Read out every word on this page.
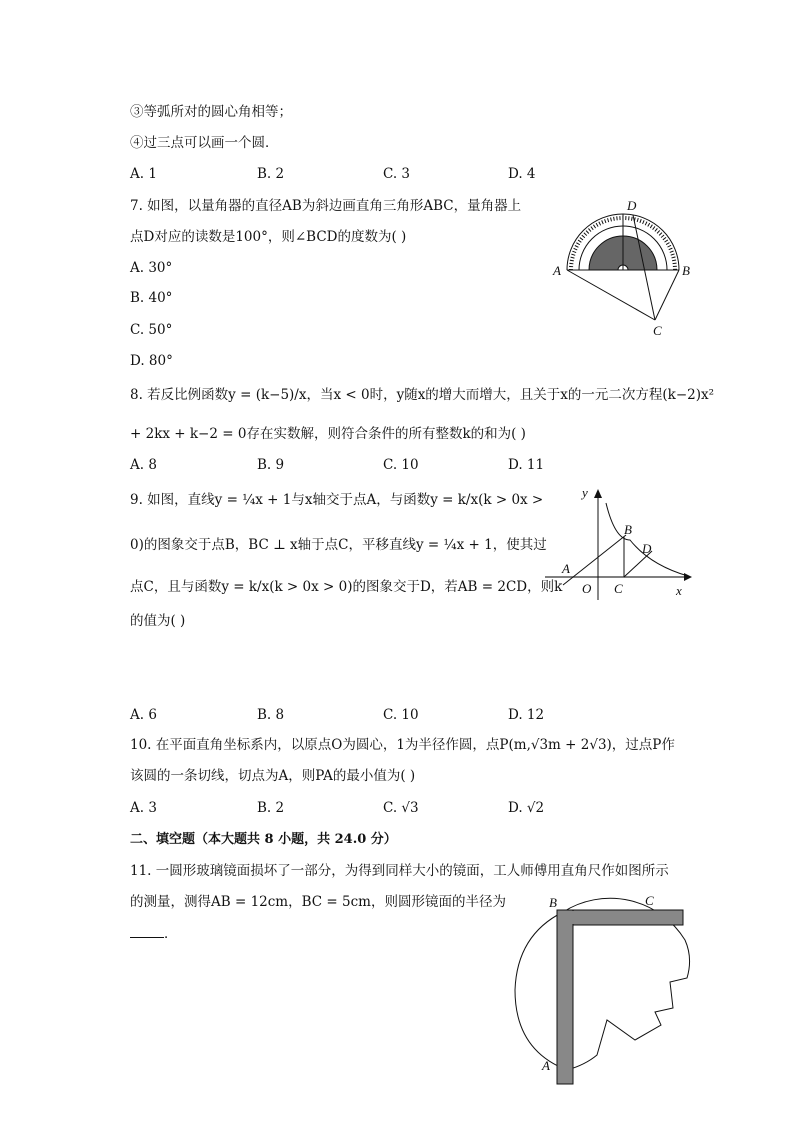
③等弧所对的圆心角相等；
④过三点可以画一个圆．
A. 1	B. 2	C. 3	D. 4
7. 如图，以量角器的直径AB为斜边画直角三角形ABC，量角器上
点D对应的读数是100°，则∠BCD的度数为( )
A. 30°
B. 40°
C. 50°
D. 80°
D
A	B
C
8. 若反比例函数y = (k−5)/x，当x < 0时，y随x的增大而增大，且关于x的一元二次方程(k−2)x²
+ 2kx + k−2 = 0存在实数解，则符合条件的所有整数k的和为( )
A. 8	B. 9	C. 10	D. 11
9. 如图，直线y = ¼x + 1与x轴交于点A，与函数y = k/x(k > 0x >
0)的图象交于点B，BC ⊥ x轴于点C，平移直线y = ¼x + 1，使其过
点C，且与函数y = k/x(k > 0x > 0)的图象交于D，若AB = 2CD，则k
的值为( )
A. 6	B. 8	C. 10	D. 12
y
B
D
A
O C	x
10. 在平面直角坐标系内，以原点O为圆心，1为半径作圆，点P(m,√3m + 2√3)，过点P作
该圆的一条切线，切点为A，则PA的最小值为( )
A. 3	B. 2	C. √3	D. √2
二、填空题（本大题共 8 小题，共 24.0 分）
11. 一圆形玻璃镜面损坏了一部分，为得到同样大小的镜面，工人师傅用直角尺作如图所示
的测量，测得AB = 12cm，BC = 5cm，则圆形镜面的半径为
．
B	C
A
